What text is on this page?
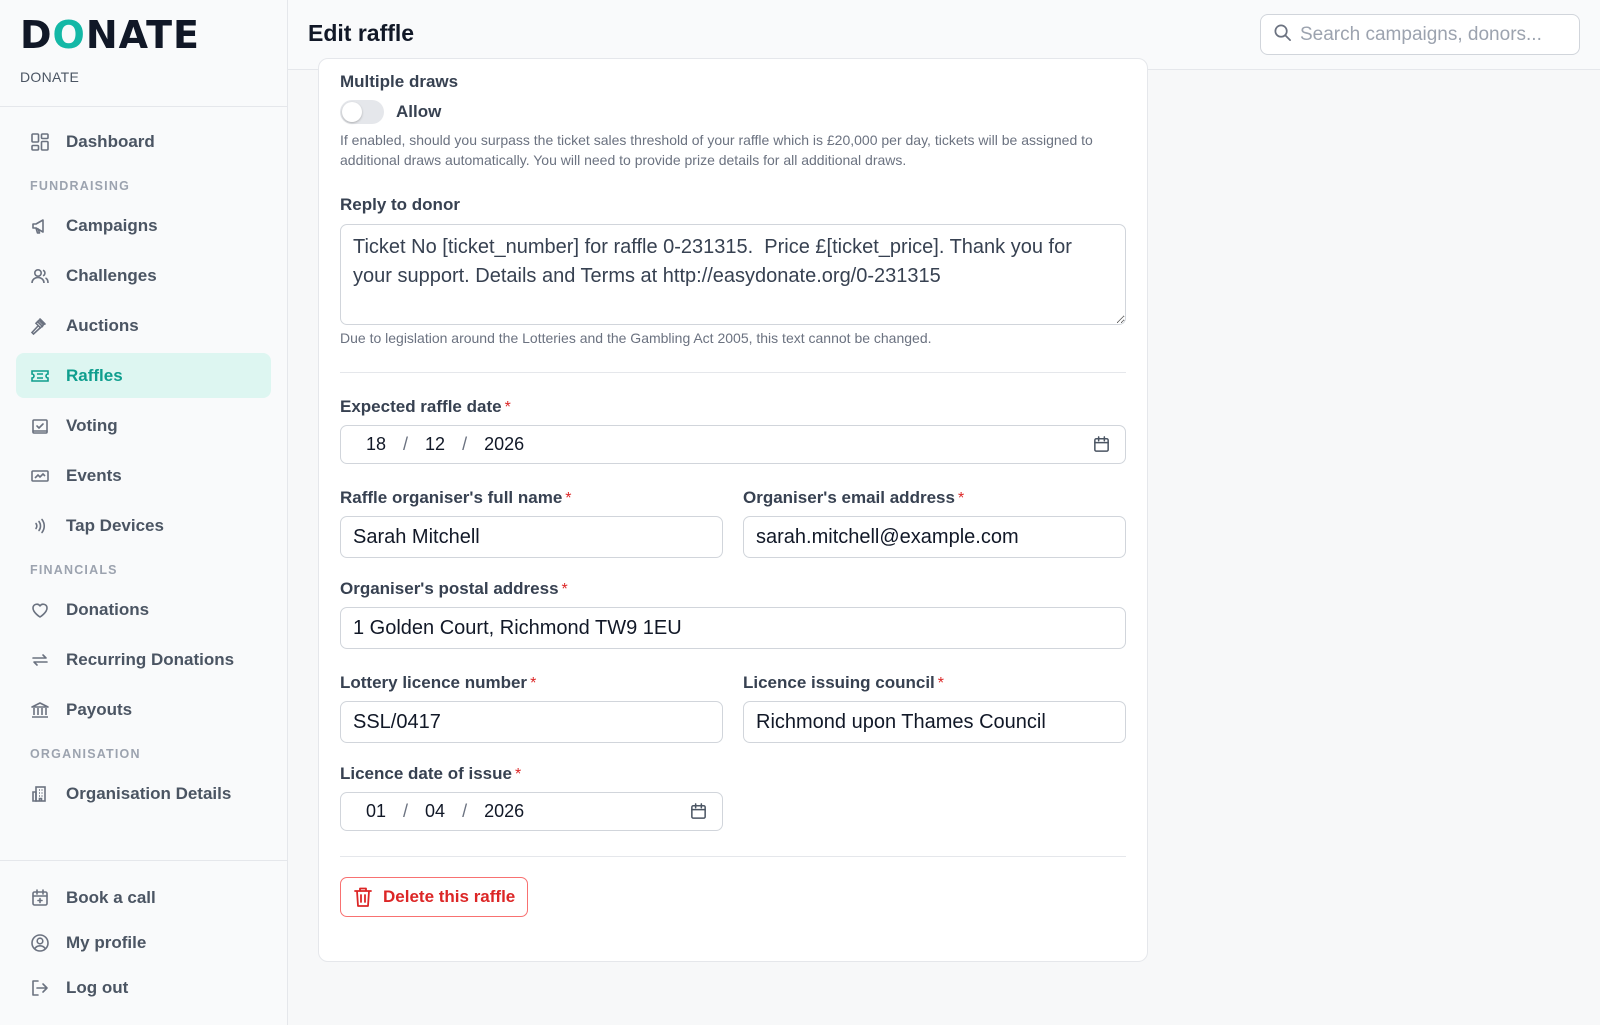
DONATE
DONATE
Dashboard
FUNDRAISING
Campaigns
Challenges
Auctions
Raffles
Voting
Events
Tap Devices
FINANCIALS
Donations
Recurring Donations
Payouts
ORGANISATION
Organisation Details
Book a call
My profile
Log out
Edit raffle
Search campaigns, donors...
Multiple draws
Allow
If enabled, should you surpass the ticket sales threshold of your raffle which is £20,000 per day, tickets will be assigned to additional draws automatically. You will need to provide prize details for all additional draws.
Reply to donor
Ticket No [ticket_number] for raffle 0-231315. Price £[ticket_price]. Thank you for your support. Details and Terms at http://easydonate.org/0-231315
Due to legislation around the Lotteries and the Gambling Act 2005, this text cannot be changed.
Expected raffle date *
18 / 12 / 2026
Raffle organiser's full name *
Sarah Mitchell
Organiser's email address *
sarah.mitchell@example.com
Organiser's postal address *
1 Golden Court, Richmond TW9 1EU
Lottery licence number *
SSL/0417
Licence issuing council *
Richmond upon Thames Council
Licence date of issue *
01 / 04 / 2026
Delete this raffle
